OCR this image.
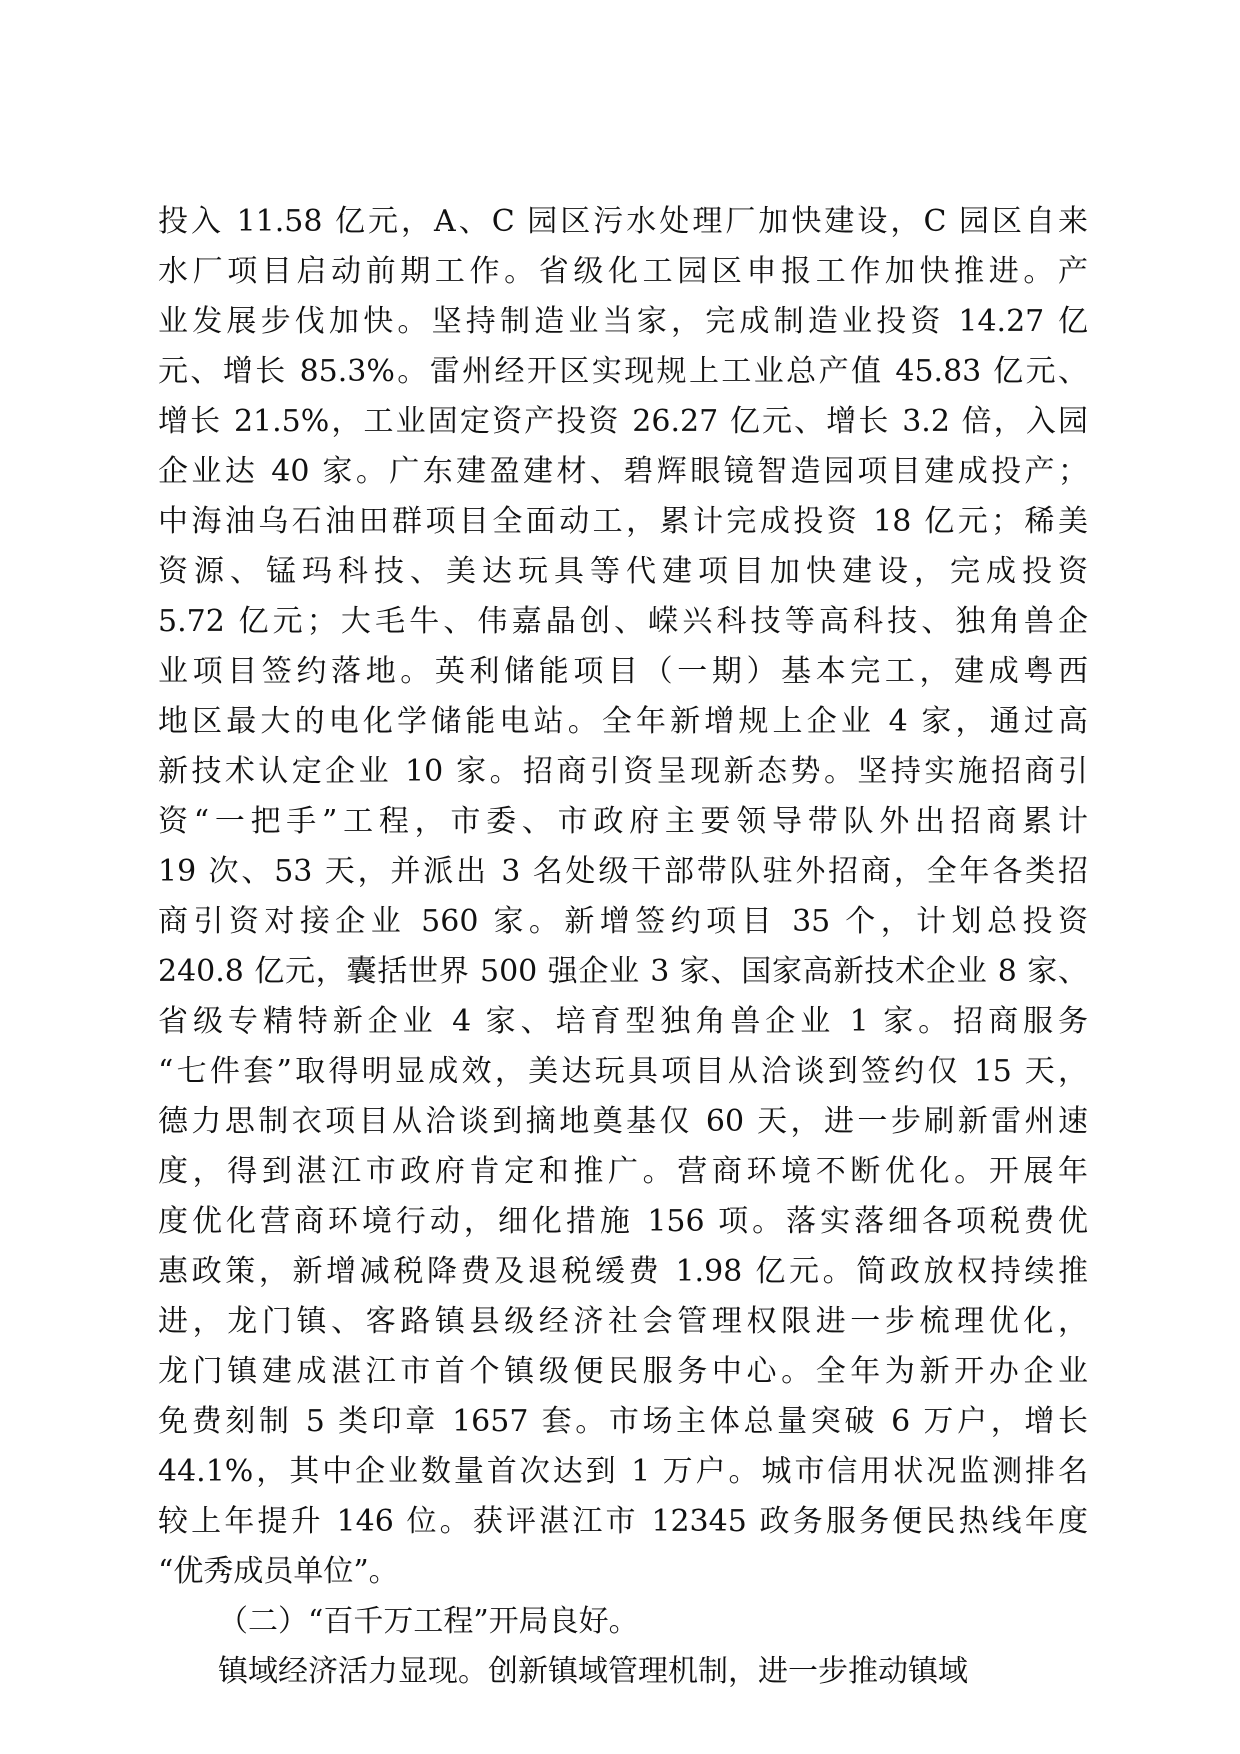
投入 11.58 亿元，A、C 园区污水处理厂加快建设，C 园区自来
水厂项目启动前期工作。省级化工园区申报工作加快推进。产
业发展步伐加快。坚持制造业当家，完成制造业投资 14.27 亿
元、增长 85.3%。雷州经开区实现规上工业总产值 45.83 亿元、
增长 21.5%，工业固定资产投资 26.27 亿元、增长 3.2 倍，入园
企业达 40 家。广东建盈建材、碧辉眼镜智造园项目建成投产；
中海油乌石油田群项目全面动工，累计完成投资 18 亿元；稀美
资源、锰玛科技、美达玩具等代建项目加快建设，完成投资
5.72 亿元；大毛牛、伟嘉晶创、嵘兴科技等高科技、独角兽企
业项目签约落地。英利储能项目（一期）基本完工，建成粤西
地区最大的电化学储能电站。全年新增规上企业 4 家，通过高
新技术认定企业 10 家。招商引资呈现新态势。坚持实施招商引
资“一把手”工程，市委、市政府主要领导带队外出招商累计
19 次、53 天，并派出 3 名处级干部带队驻外招商，全年各类招
商引资对接企业 560 家。新增签约项目 35 个，计划总投资
240.8 亿元，囊括世界 500 强企业 3 家、国家高新技术企业 8 家、
省级专精特新企业 4 家、培育型独角兽企业 1 家。招商服务
“七件套”取得明显成效，美达玩具项目从洽谈到签约仅 15 天，
德力思制衣项目从洽谈到摘地奠基仅 60 天，进一步刷新雷州速
度，得到湛江市政府肯定和推广。营商环境不断优化。开展年
度优化营商环境行动，细化措施 156 项。落实落细各项税费优
惠政策，新增减税降费及退税缓费 1.98 亿元。简政放权持续推
进，龙门镇、客路镇县级经济社会管理权限进一步梳理优化，
龙门镇建成湛江市首个镇级便民服务中心。全年为新开办企业
免费刻制 5 类印章 1657 套。市场主体总量突破 6 万户，增长
44.1%，其中企业数量首次达到 1 万户。城市信用状况监测排名
较上年提升 146 位。获评湛江市 12345 政务服务便民热线年度
“优秀成员单位”。
（二）“百千万工程”开局良好。
镇域经济活力显现。创新镇域管理机制，进一步推动镇域
